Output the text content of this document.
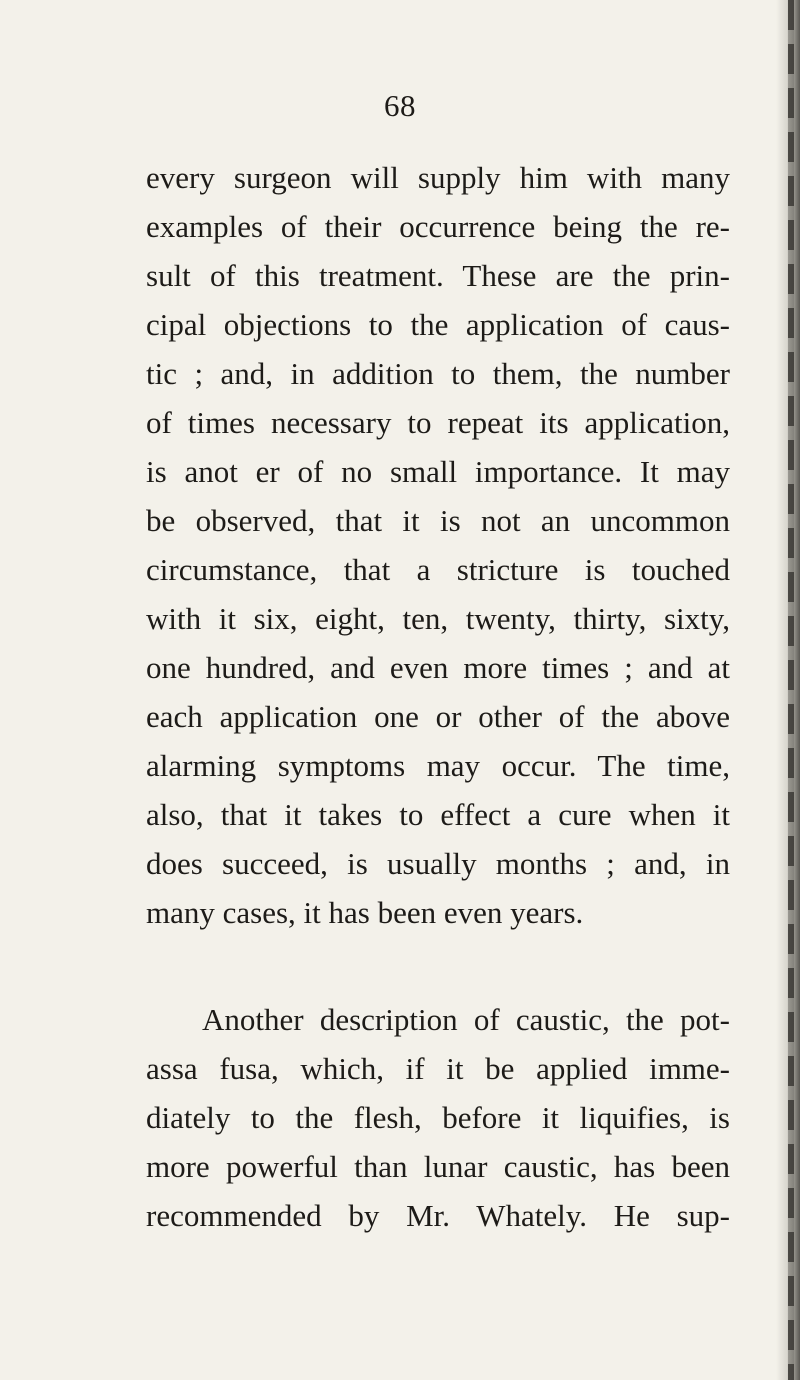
68
every surgeon will supply him with many
examples of their occurrence being the re-
sult of this treatment. These are the prin-
cipal objections to the application of caus-
tic ; and, in addition to them, the number
of times necessary to repeat its application,
is anot er of no small importance. It may
be observed, that it is not an uncommon
circumstance, that a stricture is touched
with it six, eight, ten, twenty, thirty, sixty,
one hundred, and even more times ; and at
each application one or other of the above
alarming symptoms may occur. The time,
also, that it takes to effect a cure when it
does succeed, is usually months ; and, in
many cases, it has been even years.
Another description of caustic, the pot-
assa fusa, which, if it be applied imme-
diately to the flesh, before it liquifies, is
more powerful than lunar caustic, has been
recommended by Mr. Whately. He sup-
